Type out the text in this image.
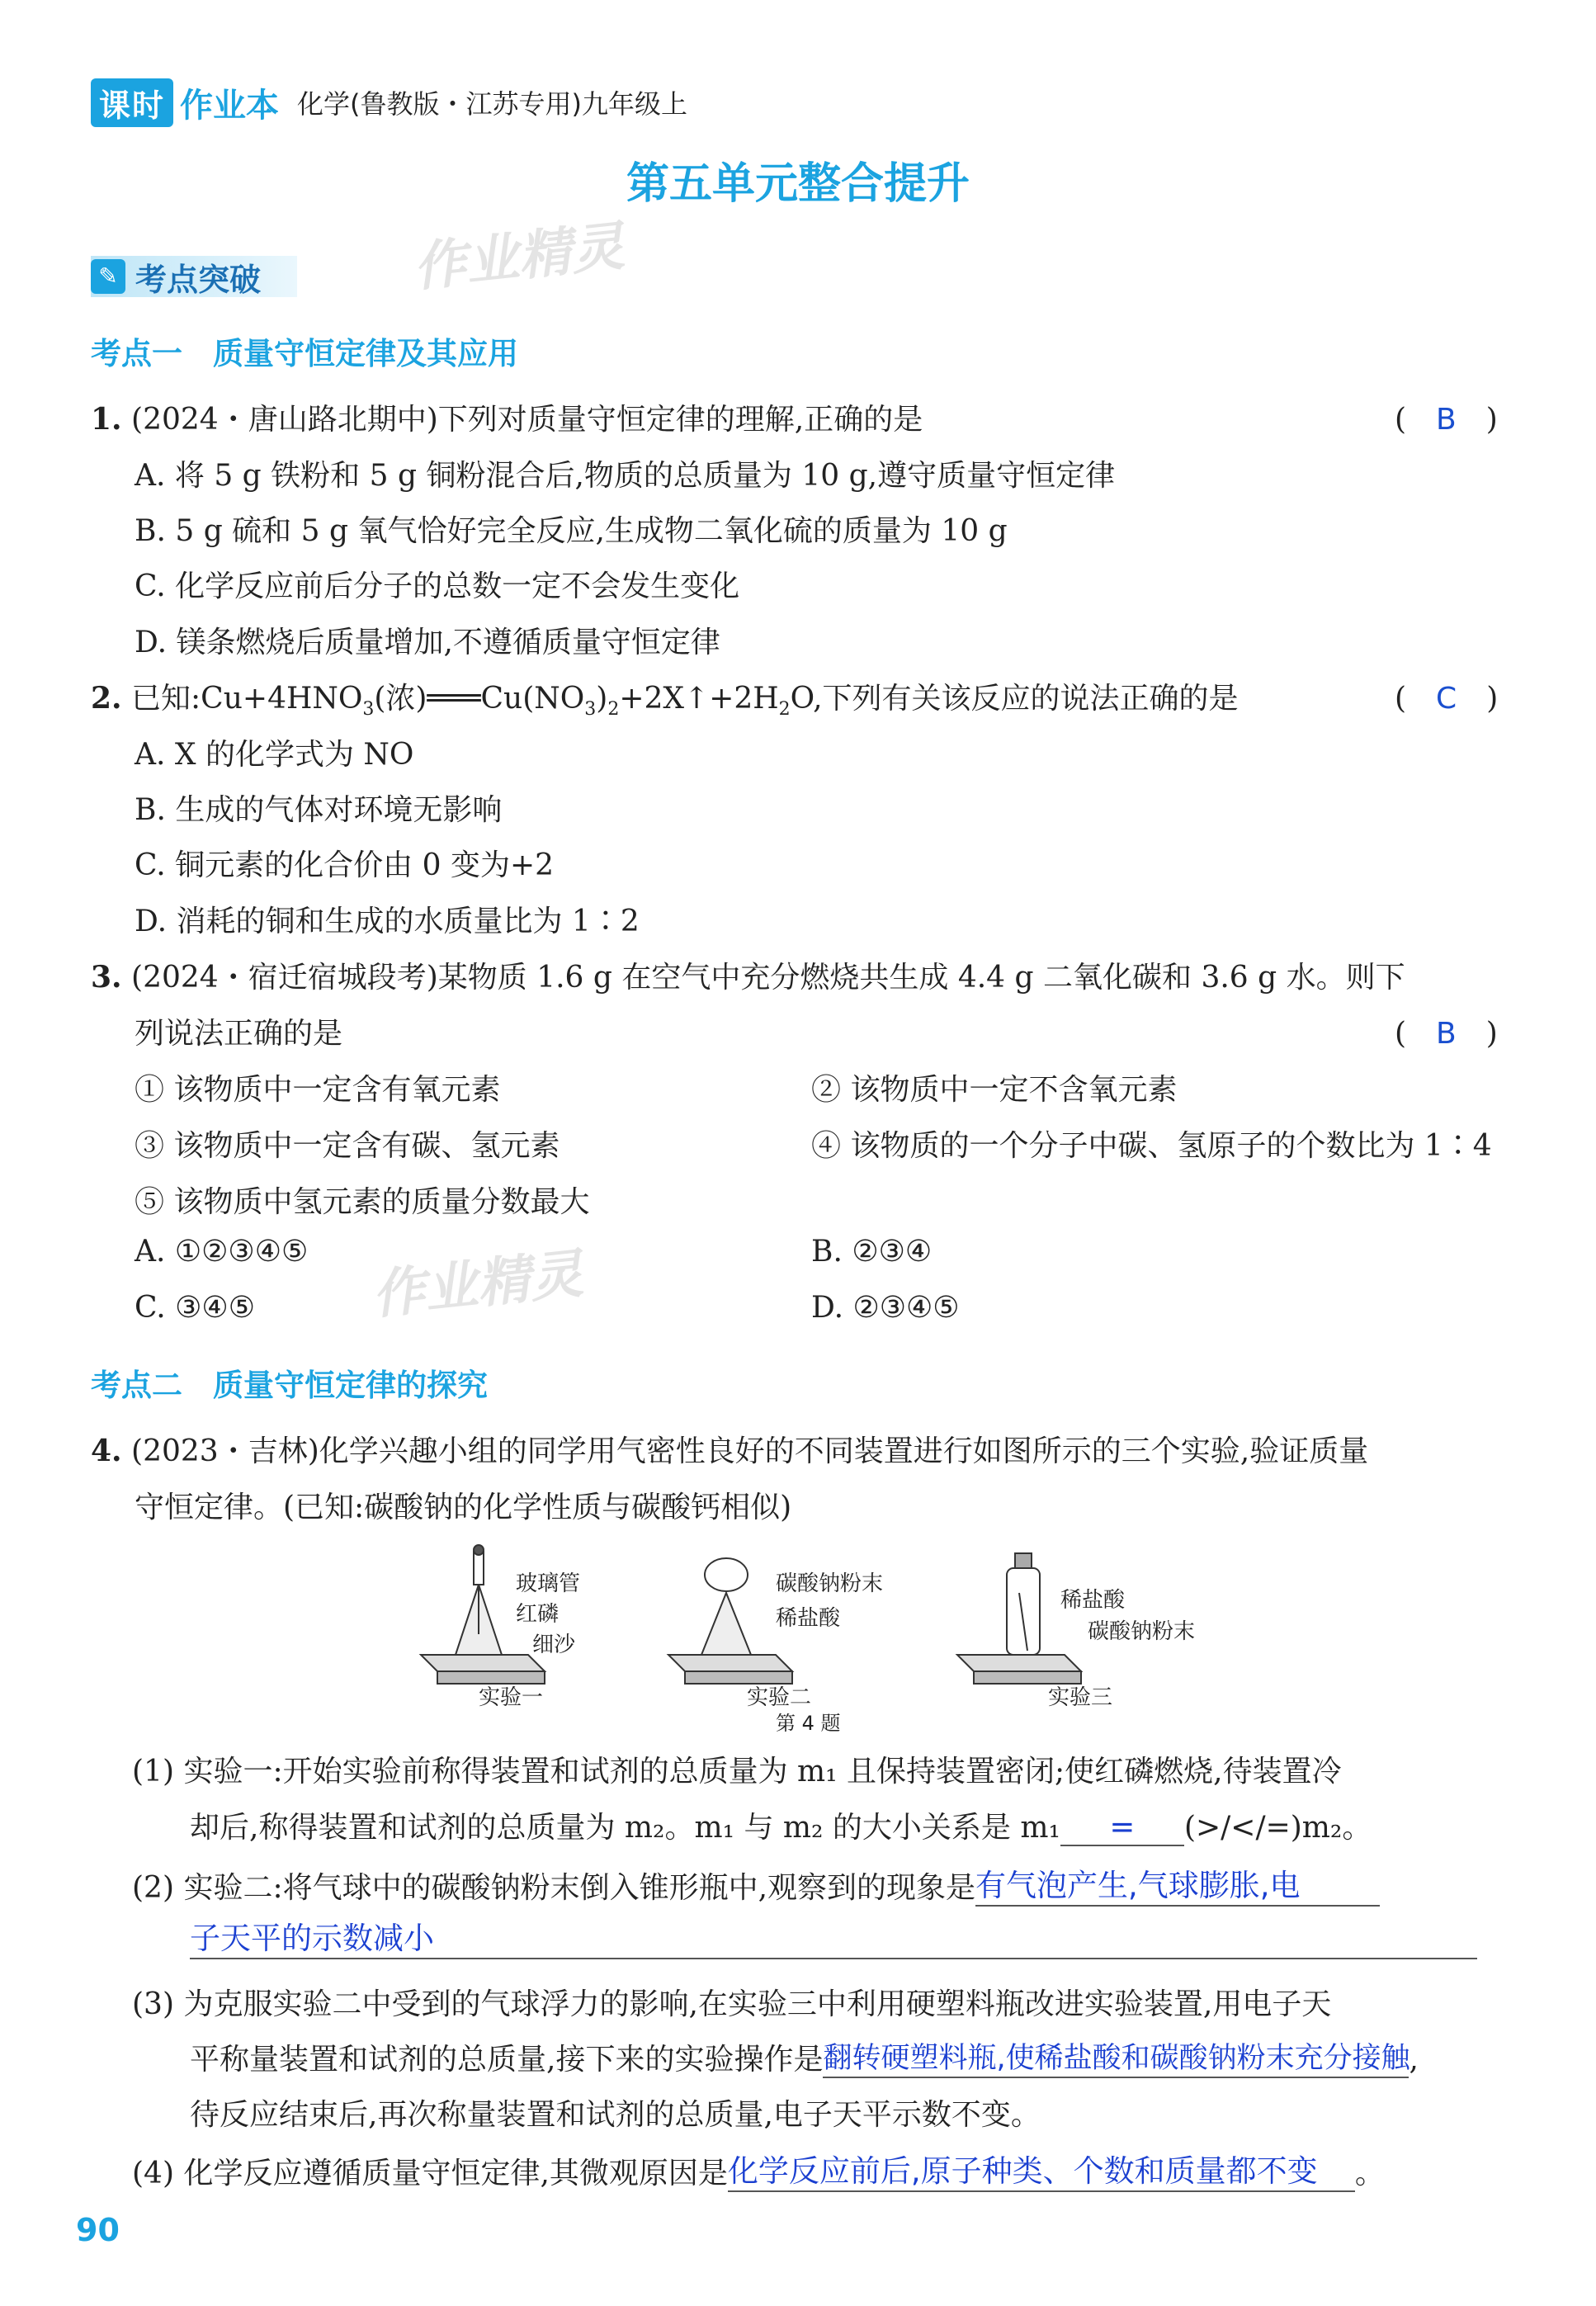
课时 作业本 化学(鲁教版・江苏专用)九年级上
第五单元整合提升
作业精灵
作业精灵
✎ 考点突破
考点一　质量守恒定律及其应用
1. (2024・唐山路北期中)下列对质量守恒定律的理解,正确的是	(　B　)
A. 将 5 g 铁粉和 5 g 铜粉混合后,物质的总质量为 10 g,遵守质量守恒定律
B. 5 g 硫和 5 g 氧气恰好完全反应,生成物二氧化硫的质量为 10 g
C. 化学反应前后分子的总数一定不会发生变化
D. 镁条燃烧后质量增加,不遵循质量守恒定律
2. 已知$:Cu+4HNO_3$(浓)$═══Cu(NO_3)_2+2X↑+2H_2O$,下列有关该反应的说法正确的是	(　C　)
A. X 的化学式为 NO
B. 生成的气体对环境无影响
C. 铜元素的化合价由 0 变为+2
D. 消耗的铜和生成的水质量比为 1∶2
3. (2024・宿迁宿城段考)某物质 1.6 g 在空气中充分燃烧共生成 4.4 g 二氧化碳和 3.6 g 水。则下
列说法正确的是	(　B　)
① 该物质中一定含有氧元素	② 该物质中一定不含氧元素
③ 该物质中一定含有碳、氢元素	④ 该物质的一个分子中碳、氢原子的个数比为 1∶4
⑤ 该物质中氢元素的质量分数最大
A. ①②③④⑤	B. ②③④
C. ③④⑤	D. ②③④⑤
考点二　质量守恒定律的探究
4. (2023・吉林)化学兴趣小组的同学用气密性良好的不同装置进行如图所示的三个实验,验证质量
守恒定律。(已知:碳酸钠的化学性质与碳酸钙相似)
玻璃管
红磷
细沙
实验一
碳酸钠粉末
稀盐酸
实验二
稀盐酸
碳酸钠粉末
实验三
第 4 题
(1) 实验一:开始实验前称得装置和试剂的总质量为 m₁ 且保持装置密闭;使红磷燃烧,待装置冷
却后,称得装置和试剂的总质量为 m₂。m₁ 与 m₂ 的大小关系是 m₁ = (>/</=)m₂。
(2) 实验二:将气球中的碳酸钠粉末倒入锥形瓶中,观察到的现象是有气泡产生,气球膨胀,电
子天平的示数减小
(3) 为克服实验二中受到的气球浮力的影响,在实验三中利用硬塑料瓶改进实验装置,用电子天
平称量装置和试剂的总质量,接下来的实验操作是翻转硬塑料瓶,使稀盐酸和碳酸钠粉末充分接触,
待反应结束后,再次称量装置和试剂的总质量,电子天平示数不变。
(4) 化学反应遵循质量守恒定律,其微观原因是化学反应前后,原子种类、个数和质量都不变 。
90
